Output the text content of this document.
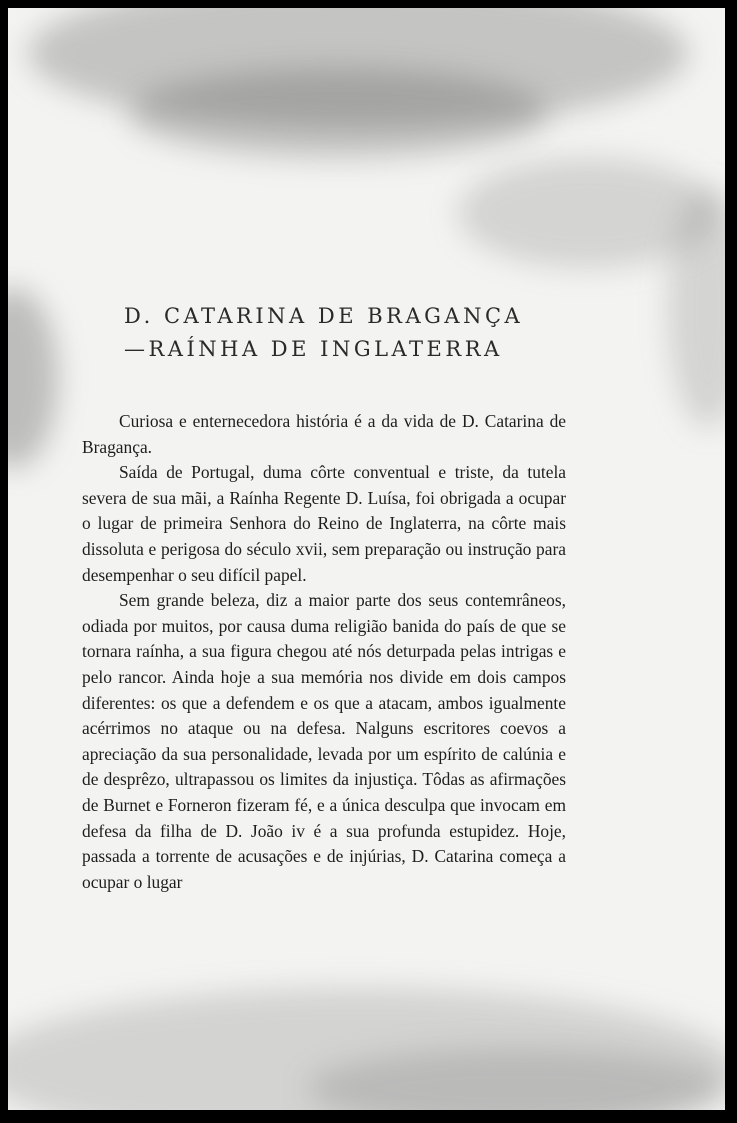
D. CATARINA DE BRAGANÇA
—RAÍNHA DE INGLATERRA

Curiosa e enternecedora história é a da vida de D. Catarina de Bragança.

Saída de Portugal, duma côrte conventual e triste, da tutela severa de sua mãi, a Raínha Regente D. Luísa, foi obrigada a ocupar o lugar de primeira Senhora do Reino de Inglaterra, na côrte mais dissoluta e perigosa do século xvii, sem preparação ou instrução para desempenhar o seu difícil papel.

Sem grande beleza, diz a maior parte dos seus contemrâneos, odiada por muitos, por causa duma religião banida do país de que se tornara raínha, a sua figura chegou até nós deturpada pelas intrigas e pelo rancor. Ainda hoje a sua memória nos divide em dois campos diferentes: os que a defendem e os que a atacam, ambos igualmente acérrimos no ataque ou na defesa. Nalguns escritores coevos a apreciação da sua personalidade, levada por um espírito de calúnia e de desprêzo, ultrapassou os limites da injustiça. Tôdas as afirmações de Burnet e Forneron fizeram fé, e a única desculpa que invocam em defesa da filha de D. João iv é a sua profunda estupidez. Hoje, passada a torrente de acusações e de injúrias, D. Catarina começa a ocupar o lugar
